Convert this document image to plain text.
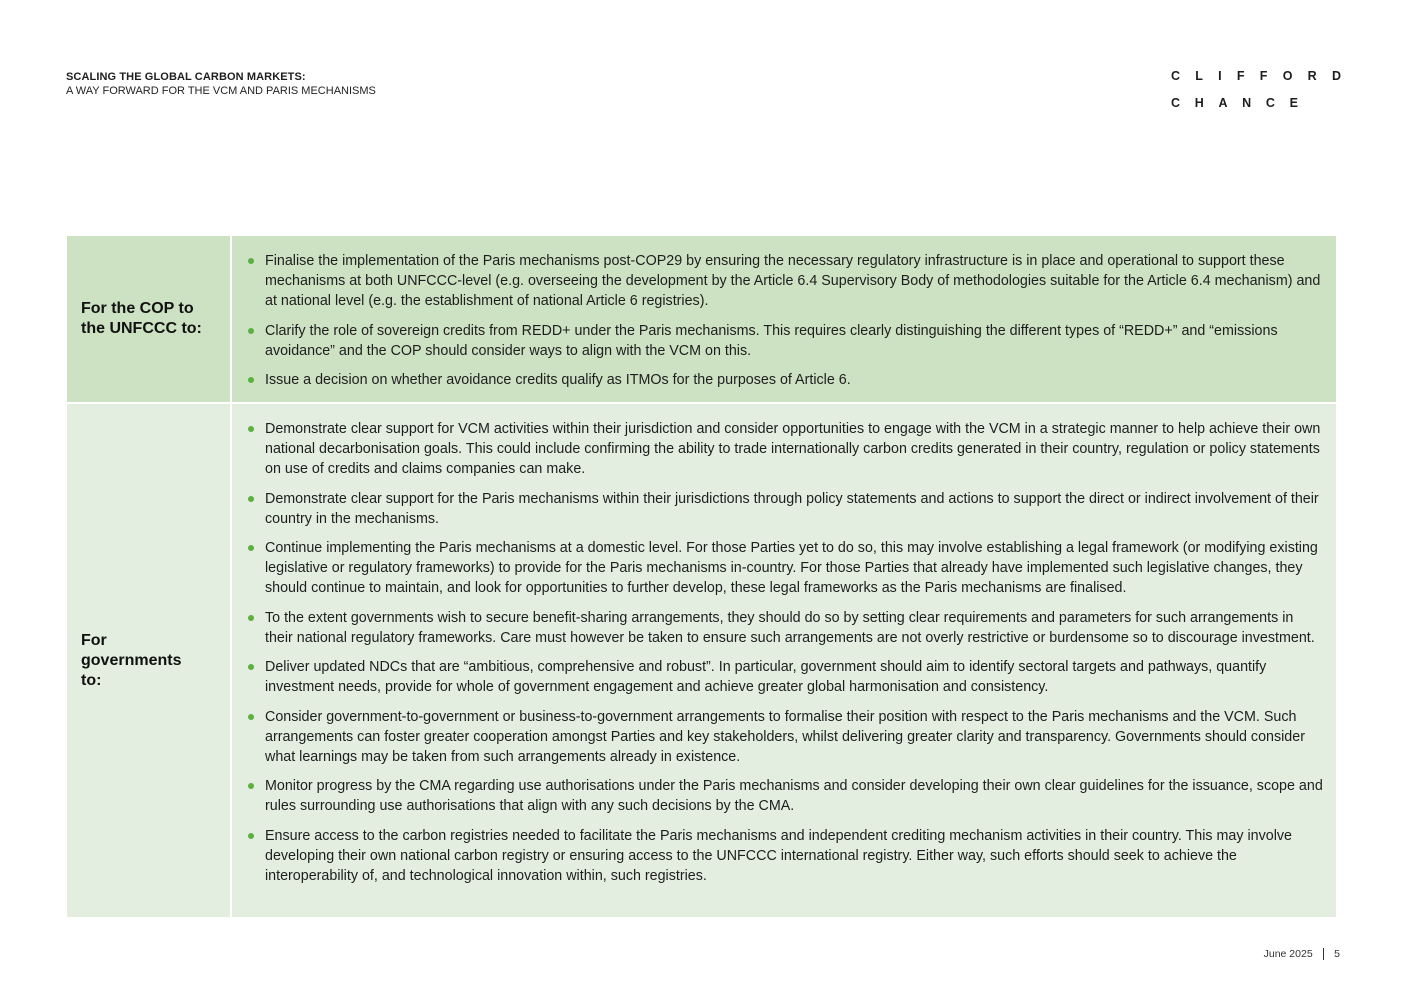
SCALING THE GLOBAL CARBON MARKETS:
A WAY FORWARD FOR THE VCM AND PARIS MECHANISMS
C L I F F O R D
C H A N C E
For the COP to the UNFCCC to:
Finalise the implementation of the Paris mechanisms post-COP29 by ensuring the necessary regulatory infrastructure is in place and operational to support these mechanisms at both UNFCCC-level (e.g. overseeing the development by the Article 6.4 Supervisory Body of methodologies suitable for the Article 6.4 mechanism) and at national level (e.g. the establishment of national Article 6 registries).
Clarify the role of sovereign credits from REDD+ under the Paris mechanisms. This requires clearly distinguishing the different types of “REDD+” and “emissions avoidance” and the COP should consider ways to align with the VCM on this.
Issue a decision on whether avoidance credits qualify as ITMOs for the purposes of Article 6.
For governments to:
Demonstrate clear support for VCM activities within their jurisdiction and consider opportunities to engage with the VCM in a strategic manner to help achieve their own national decarbonisation goals. This could include confirming the ability to trade internationally carbon credits generated in their country, regulation or policy statements on use of credits and claims companies can make.
Demonstrate clear support for the Paris mechanisms within their jurisdictions through policy statements and actions to support the direct or indirect involvement of their country in the mechanisms.
Continue implementing the Paris mechanisms at a domestic level. For those Parties yet to do so, this may involve establishing a legal framework (or modifying existing legislative or regulatory frameworks) to provide for the Paris mechanisms in-country. For those Parties that already have implemented such legislative changes, they should continue to maintain, and look for opportunities to further develop, these legal frameworks as the Paris mechanisms are finalised.
To the extent governments wish to secure benefit-sharing arrangements, they should do so by setting clear requirements and parameters for such arrangements in their national regulatory frameworks. Care must however be taken to ensure such arrangements are not overly restrictive or burdensome so to discourage investment.
Deliver updated NDCs that are “ambitious, comprehensive and robust”. In particular, government should aim to identify sectoral targets and pathways, quantify investment needs, provide for whole of government engagement and achieve greater global harmonisation and consistency.
Consider government-to-government or business-to-government arrangements to formalise their position with respect to the Paris mechanisms and the VCM. Such arrangements can foster greater cooperation amongst Parties and key stakeholders, whilst delivering greater clarity and transparency. Governments should consider what learnings may be taken from such arrangements already in existence.
Monitor progress by the CMA regarding use authorisations under the Paris mechanisms and consider developing their own clear guidelines for the issuance, scope and rules surrounding use authorisations that align with any such decisions by the CMA.
Ensure access to the carbon registries needed to facilitate the Paris mechanisms and independent crediting mechanism activities in their country. This may involve developing their own national carbon registry or ensuring access to the UNFCCC international registry. Either way, such efforts should seek to achieve the interoperability of, and technological innovation within, such registries.
June 2025 5
